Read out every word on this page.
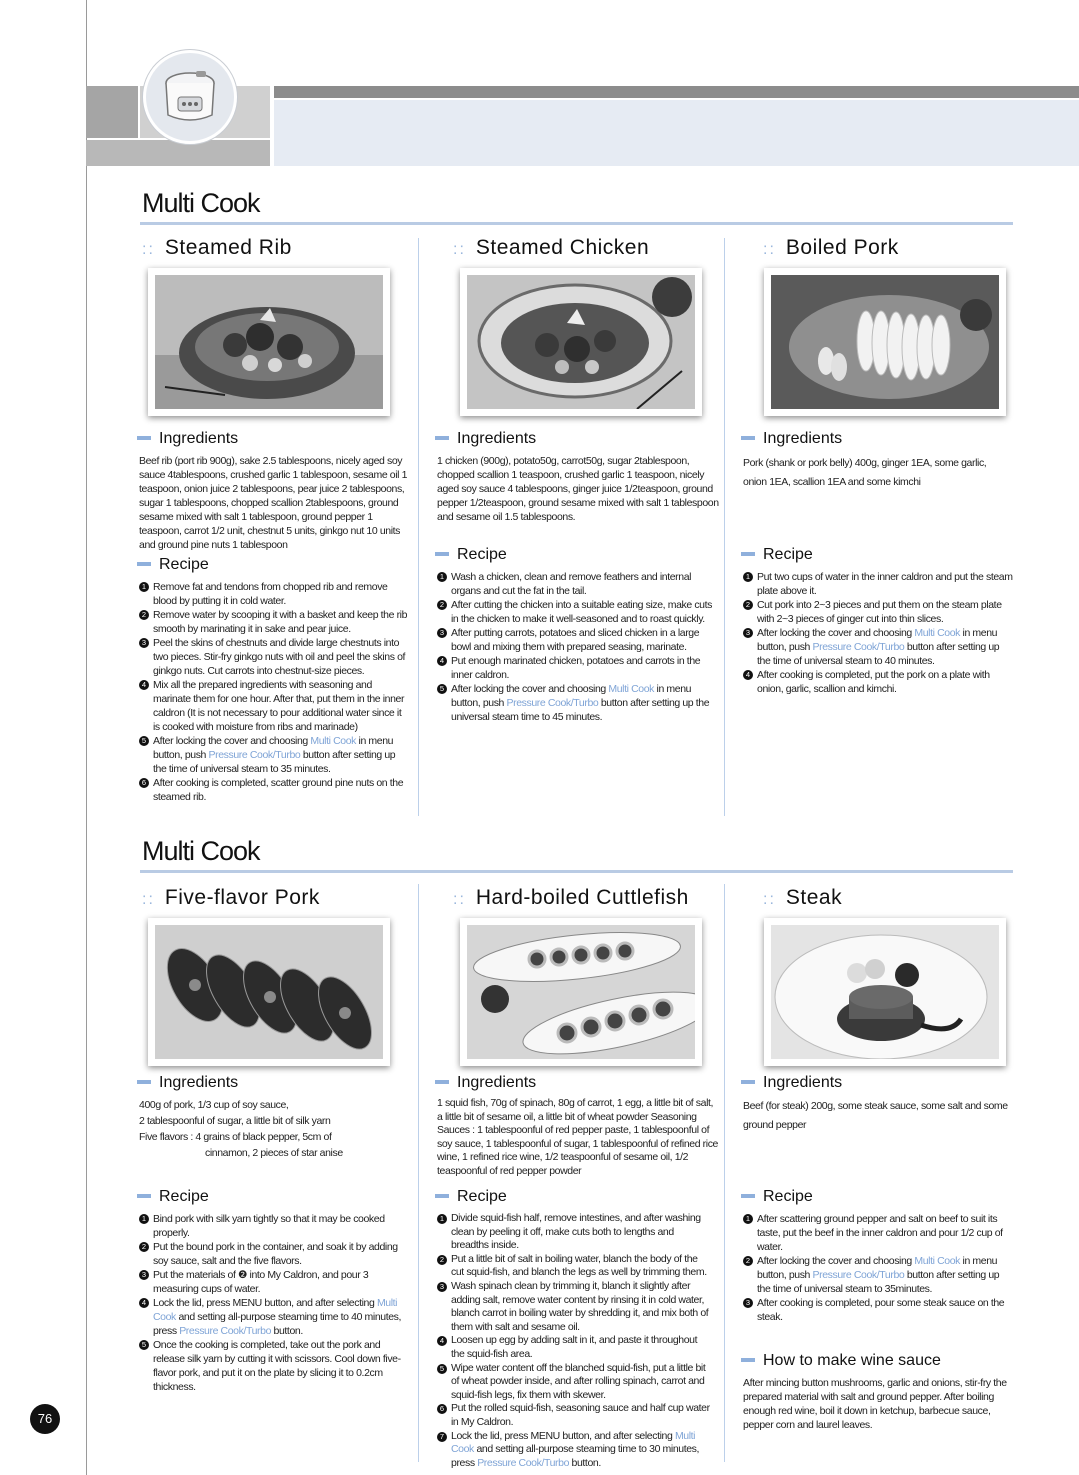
Multi Cook
:: Steamed Rib	:: Steamed Chicken	:: Boiled Pork
Ingredients	Ingredients	Ingredients
Beef rib (port rib 900g), sake 2.5 tablespoons, nicely aged soy sauce 4tablespoons, crushed garlic 1 tablespoon, sesame oil 1 teaspoon, onion juice 2 tablespoons, pear juice 2 tablespoons, sugar 1 tablespoons, chopped scallion 2tablespoons, ground sesame mixed with salt 1 tablespoon, ground pepper 1 teaspoon, carrot 1/2 unit, chestnut 5 units, ginkgo nut 10 units and ground pine nuts 1 tablespoon
1 chicken (900g), potato50g, carrot50g, sugar 2tablespoon, chopped scallion 1 teaspoon, crushed garlic 1 teaspoon, nicely aged soy sauce 4 tablespoons, ginger juice 1/2teaspoon, ground pepper 1/2teaspoon, ground sesame mixed with salt 1 tablespoon and sesame oil 1.5 tablespoons.
Pork (shank or pork belly) 400g, ginger 1EA, some garlic, onion 1EA, scallion 1EA and some kimchi
Recipe
Recipe	Recipe

1 Remove fat and tendons from chopped rib and remove blood by putting it in cold water.

2 Remove water by scooping it with a basket and keep the rib smooth by marinating it in sake and pear juice.

3 Peel the skins of chestnuts and divide large chestnuts into two pieces. Stir-fry ginkgo nuts with oil and peel the skins of ginkgo nuts. Cut carrots into chestnut-size pieces.

4 Mix all the prepared ingredients with seasoning and marinate them for one hour. After that, put them in the inner caldron (It is not necessary to pour additional water since it is cooked with moisture from ribs and marinade)

5 After locking the cover and choosing Multi Cook in menu button, push Pressure Cook/Turbo button after setting up the time of universal steam to 35 minutes.

6 After cooking is completed, scatter ground pine nuts on the steamed rib.

1 Wash a chicken, clean and remove feathers and internal organs and cut the fat in the tail.

2 After cutting the chicken into a suitable eating size, make cuts in the chicken to make it well-seasoned and to roast quickly.

3 After putting carrots, potatoes and sliced chicken in a large bowl and mixing them with prepared seasing, marinate.

4 Put enough marinated chicken, potatoes and carrots in the inner caldron.

5 After locking the cover and choosing Multi Cook in menu button, push Pressure Cook/Turbo button after setting up the universal steam time to 45 minutes.

1 Put two cups of water in the inner caldron and put the steam plate above it.

2 Cut pork into 2~3 pieces and put them on the steam plate with 2~3 pieces of ginger cut into thin slices.

3 After locking the cover and choosing Multi Cook in menu button, push Pressure Cook/Turbo button after setting up the time of universal steam to 40 minutes.

4 After cooking is completed, put the pork on a plate with onion, garlic, scallion and kimchi.

Multi Cook
:: Five-flavor Pork	:: Hard-boiled Cuttlefish	:: Steak
Ingredients	Ingredients	Ingredients

400g of pork, 1/3 cup of soy sauce,

2 tablespoonful of sugar, a little bit of silk yarn

Five flavors : 4 grains of black pepper, 5cm of

cinnamon, 2 pieces of star anise

1 squid fish, 70g of spinach, 80g of carrot, 1 egg, a little bit of salt, a little bit of sesame oil, a little bit of wheat powder Seasoning Sauces : 1 tablespoonful of red pepper paste, 1 tablespoonful of soy sauce, 1 tablespoonful of sugar, 1 tablespoonful of refined rice wine, 1 refined rice wine, 1/2 teaspoonful of sesame oil, 1/2 teaspoonful of red pepper powder
Beef (for steak) 200g, some steak sauce, some salt and some ground pepper
Recipe	Recipe	Recipe

1 Bind pork with silk yarn tightly so that it may be cooked properly.

2 Put the bound pork in the container, and soak it by adding soy sauce, salt and the five flavors.

3 Put the materials of ❷ into My Caldron, and pour 3 measuring cups of water.

4 Lock the lid, press MENU button, and after selecting Multi Cook and setting all-purpose steaming time to 40 minutes, press Pressure Cook/Turbo button.

5 Once the cooking is completed, take out the pork and release silk yarn by cutting it with scissors. Cool down five-flavor pork, and put it on the plate by slicing it to 0.2cm thickness.

1 Divide squid-fish half, remove intestines, and after washing clean by peeling it off, make cuts both to lengths and breadths inside.

2 Put a little bit of salt in boiling water, blanch the body of the cut squid-fish, and blanch the legs as well by trimming them.

3 Wash spinach clean by trimming it, blanch it slightly after adding salt, remove water content by rinsing it in cold water, blanch carrot in boiling water by shredding it, and mix both of them with salt and sesame oil.

4 Loosen up egg by adding salt in it, and paste it throughout the squid-fish area.

5 Wipe water content off the blanched squid-fish, put a little bit of wheat powder inside, and after rolling spinach, carrot and squid-fish legs, fix them with skewer.

6 Put the rolled squid-fish, seasoning sauce and half cup water in My Caldron.

7 Lock the lid, press MENU button, and after selecting Multi Cook and setting all-purpose steaming time to 30 minutes, press Pressure Cook/Turbo button.

1 After scattering ground pepper and salt on beef to suit its taste, put the beef in the inner caldron and pour 1/2 cup of water.

2 After locking the cover and choosing Multi Cook in menu button, push Pressure Cook/Turbo button after setting up the time of universal steam to 35minutes.

3 After cooking is completed, pour some steak sauce on the steak.

How to make wine sauce
After mincing button mushrooms, garlic and onions, stir-fry the prepared material with salt and ground pepper. After boiling enough red wine, boil it down in ketchup, barbecue sauce, pepper corn and laurel leaves.
76
